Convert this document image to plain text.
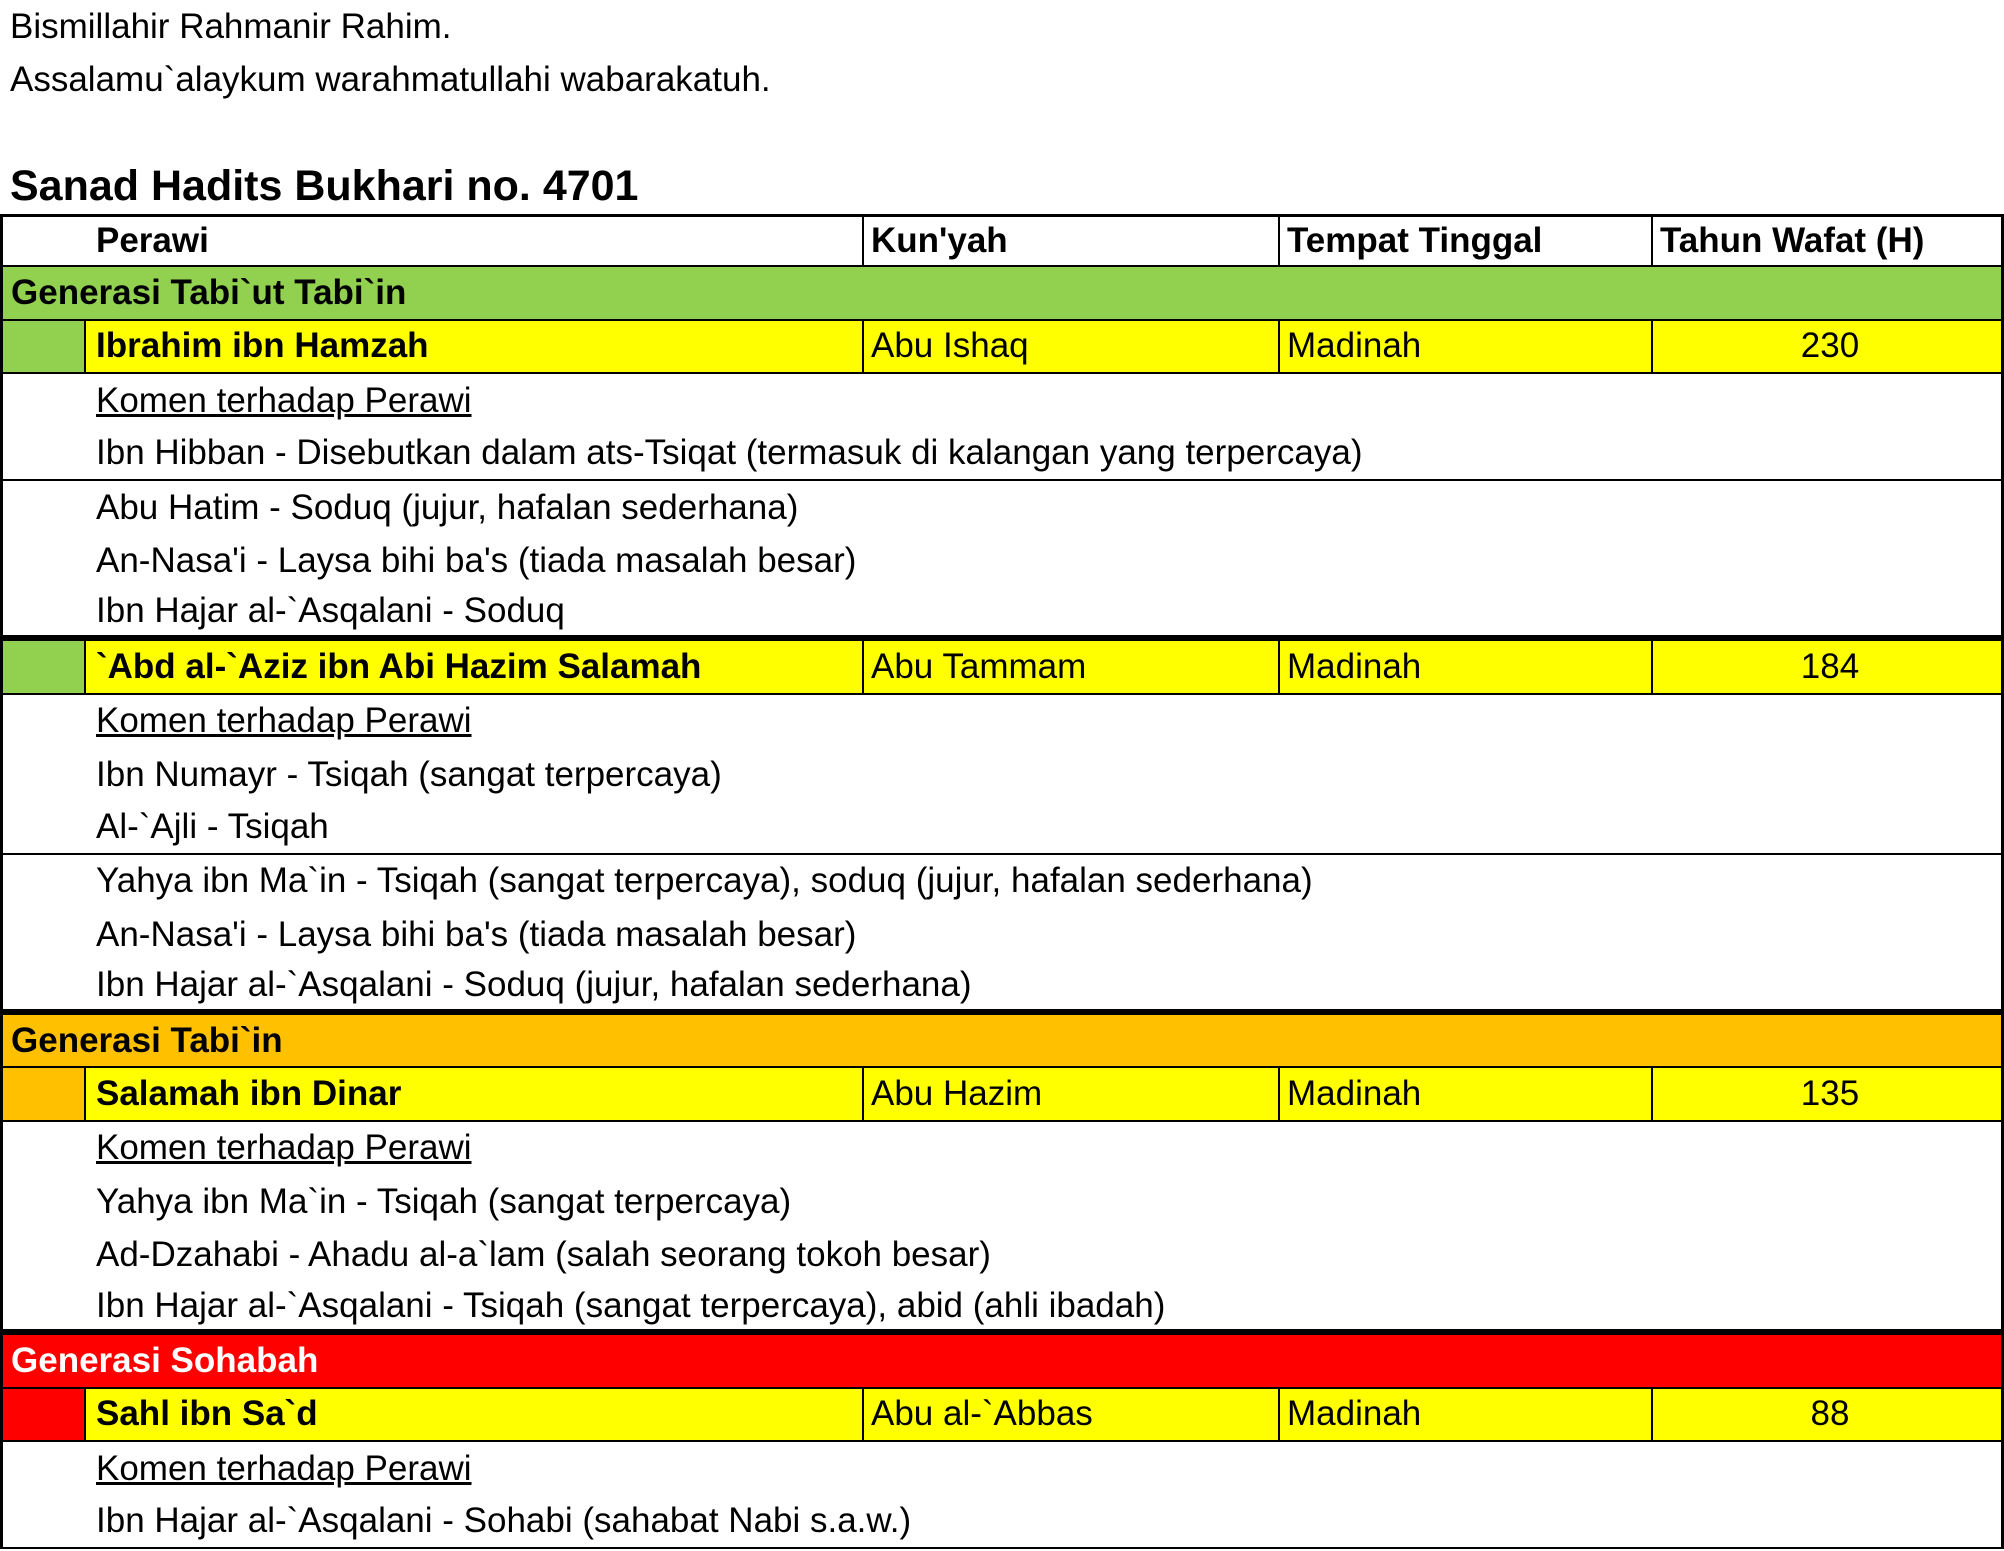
Bismillahir Rahmanir Rahim.
Assalamu`alaykum warahmatullahi wabarakatuh.
Sanad Hadits Bukhari no. 4701
Perawi	Kun'yah	Tempat Tinggal	Tahun Wafat (H)
Generasi Tabi`ut Tabi`in
Ibrahim ibn Hamzah	Abu Ishaq	Madinah	230
Komen terhadap Perawi
Ibn Hibban - Disebutkan dalam ats-Tsiqat (termasuk di kalangan yang terpercaya)
Abu Hatim - Soduq (jujur, hafalan sederhana)
An-Nasa'i - Laysa bihi ba's (tiada masalah besar)
Ibn Hajar al-`Asqalani - Soduq
`Abd al-`Aziz ibn Abi Hazim Salamah	Abu Tammam	Madinah	184
Komen terhadap Perawi
Ibn Numayr - Tsiqah (sangat terpercaya)
Al-`Ajli - Tsiqah
Yahya ibn Ma`in - Tsiqah (sangat terpercaya), soduq (jujur, hafalan sederhana)
An-Nasa'i - Laysa bihi ba's (tiada masalah besar)
Ibn Hajar al-`Asqalani - Soduq (jujur, hafalan sederhana)
Generasi Tabi`in
Salamah ibn Dinar	Abu Hazim	Madinah	135
Komen terhadap Perawi
Yahya ibn Ma`in - Tsiqah (sangat terpercaya)
Ad-Dzahabi - Ahadu al-a`lam (salah seorang tokoh besar)
Ibn Hajar al-`Asqalani - Tsiqah (sangat terpercaya), abid (ahli ibadah)
Generasi Sohabah
Sahl ibn Sa`d	Abu al-`Abbas	Madinah	88
Komen terhadap Perawi
Ibn Hajar al-`Asqalani - Sohabi (sahabat Nabi s.a.w.)
